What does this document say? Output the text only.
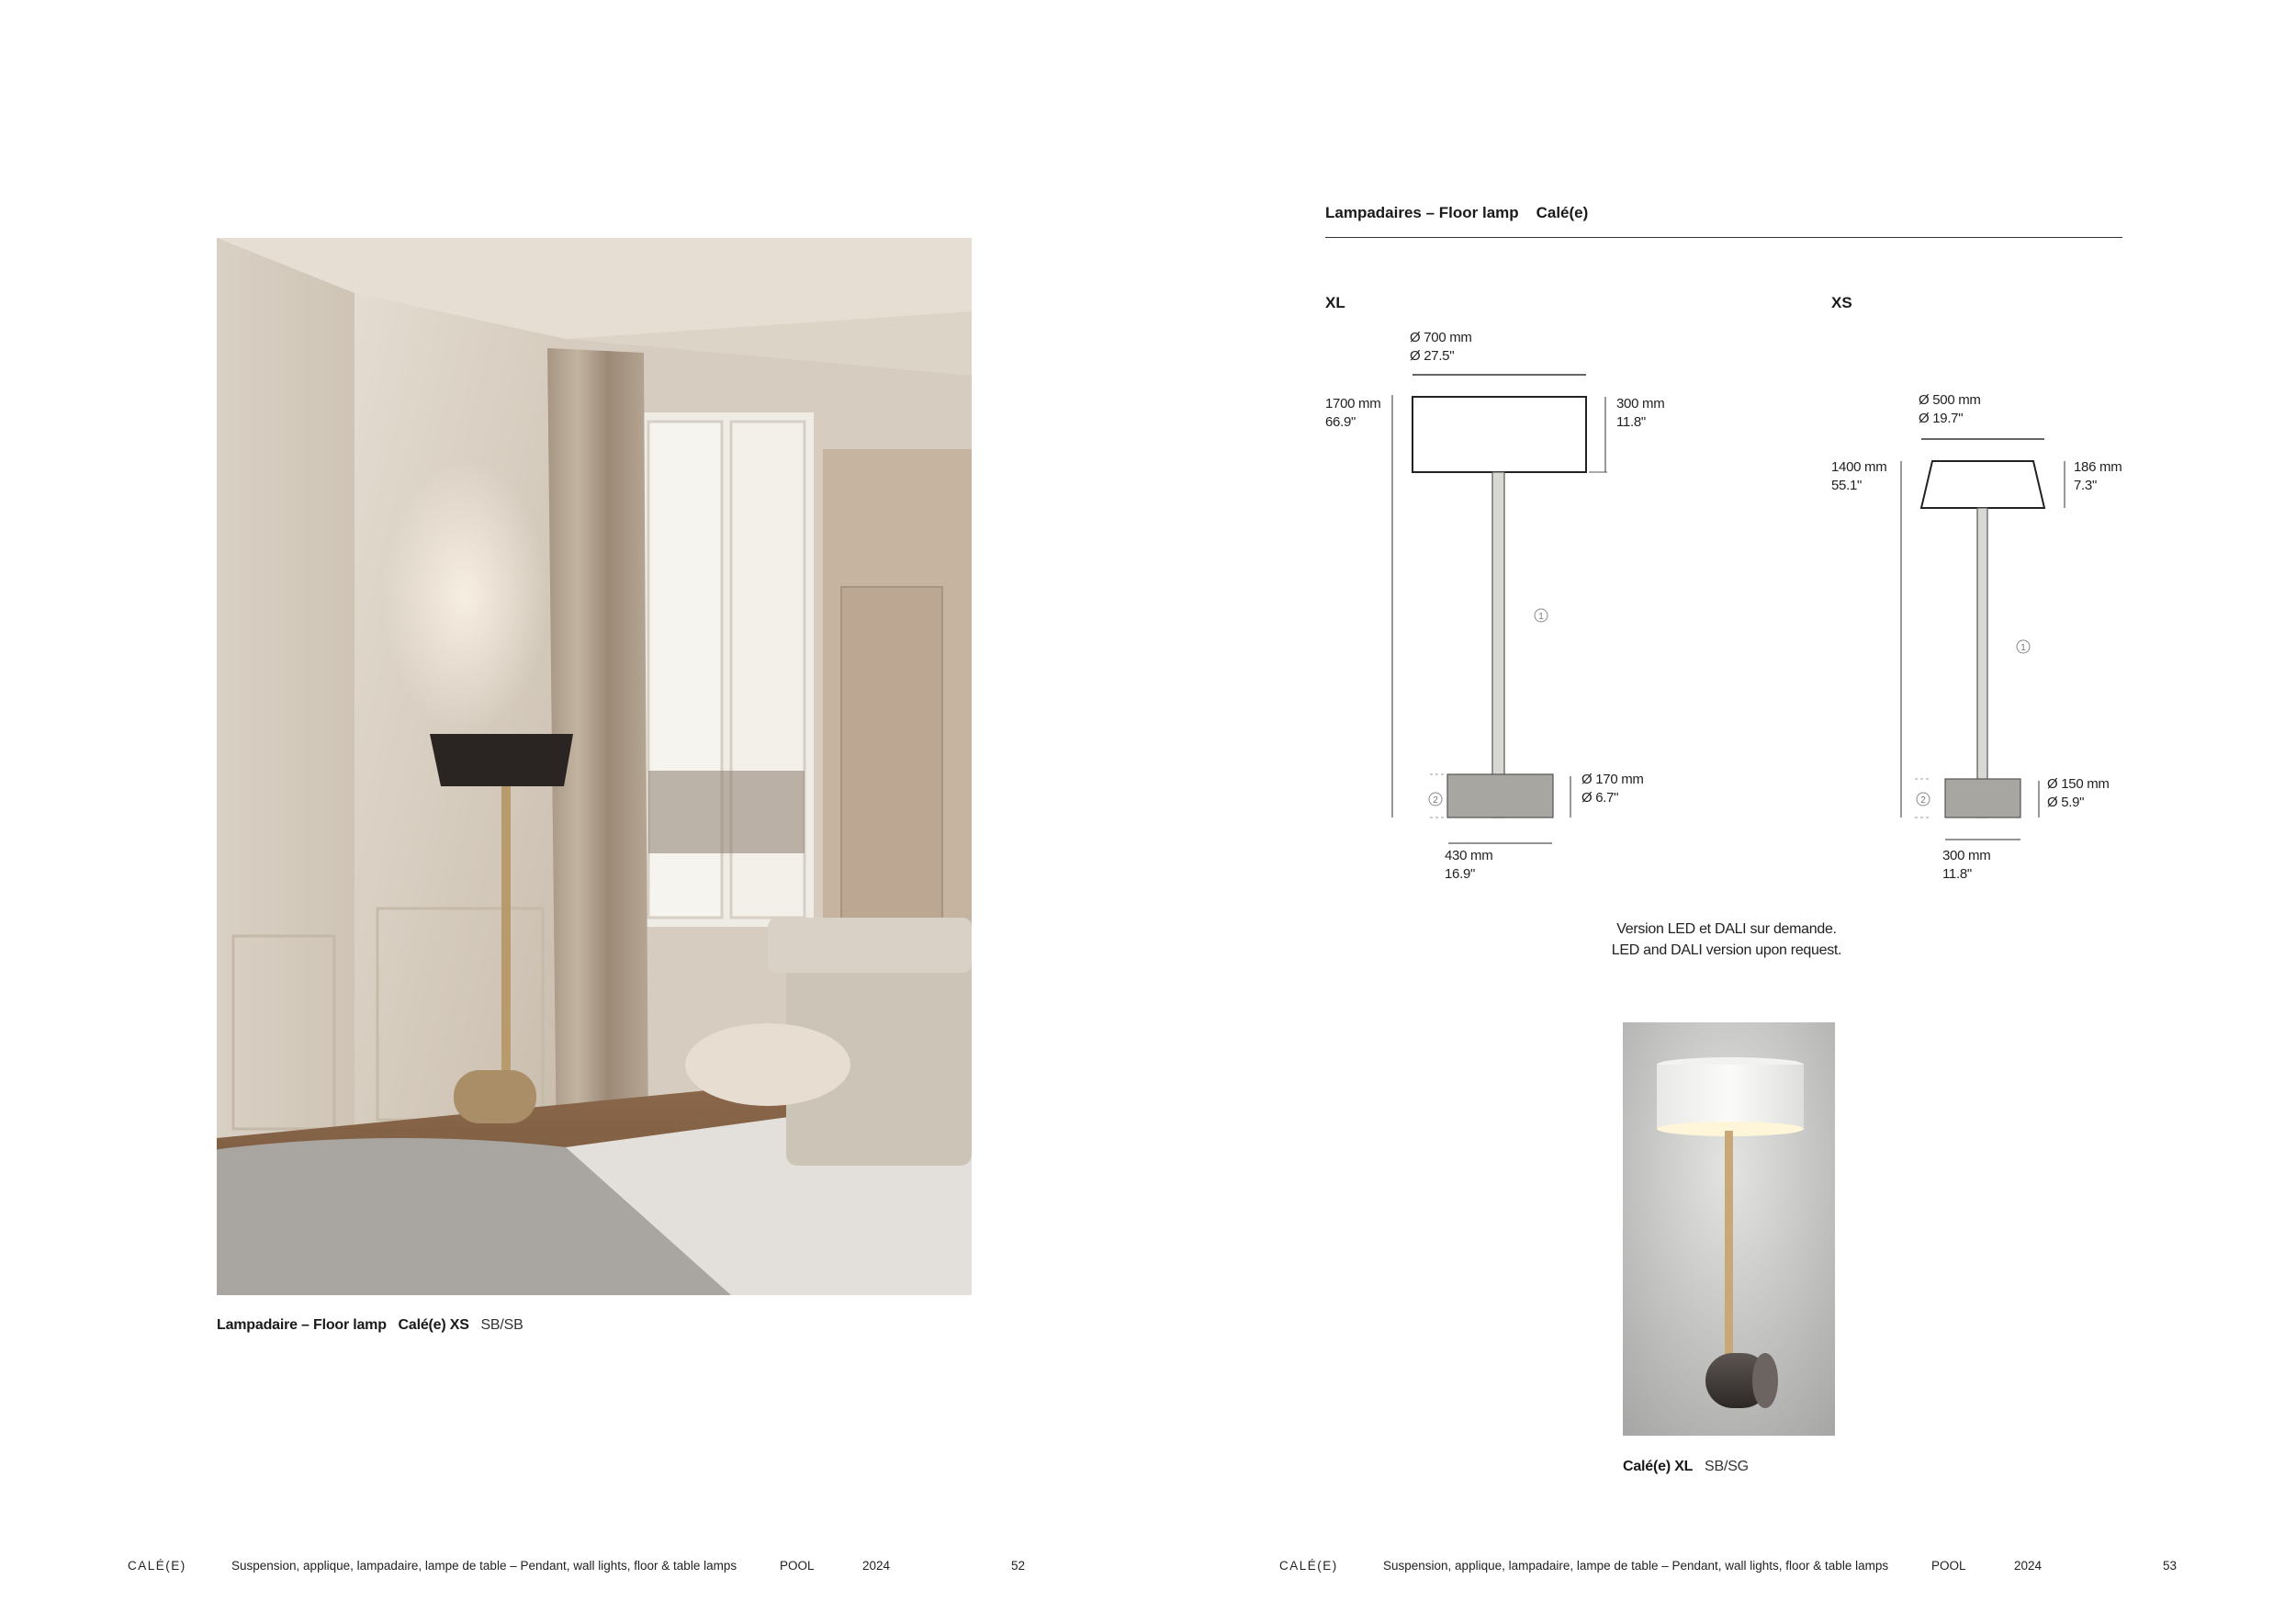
Lampadaire – Floor lamp Calé(e) XS SB/SB
CALÉ(E)	Suspension, applique, lampadaire, lampe de table – Pendant, wall lights, floor & table lamps	POOL	2024	52
Lampadaires – Floor lamp Calé(e)
1
2
1
2
XL
Ø 700 mm
Ø 27.5"
1700 mm
66.9"
300 mm
11.8"
Ø 170 mm
Ø 6.7"
430 mm
16.9"
XS
Ø 500 mm
Ø 19.7"
1400 mm
55.1"
186 mm
7.3"
Ø 150 mm
Ø 5.9"
300 mm
11.8"
Version LED et DALI sur demande.
LED and DALI version upon request.
Calé(e) XL SB/SG
CALÉ(E)	Suspension, applique, lampadaire, lampe de table – Pendant, wall lights, floor & table lamps	POOL	2024	53
